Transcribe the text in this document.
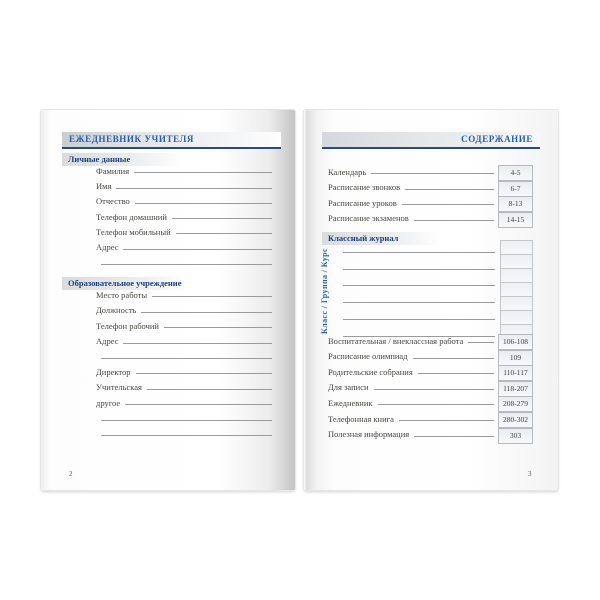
ЕЖЕДНЕВНИК УЧИТЕЛЯ
Личные данные
Фамилия
Имя
Отчество
Телефон домашний
Телефон мобильный
Адрес
Образовательное учреждение
Место работы
Должность
Телефон рабочий
Адрес
Директор
Учительская
другое
2
СОДЕРЖАНИЕ
Календарь	4-5
Расписание звонков	6-7
Расписание уроков	8-13
Расписание экзаменов	14-15
Классный журнал
Класс / Группа / Курс
Воспитательная / внеклассная работа	106-108
Расписание олимпиад	109
Родительские собрания	110-117
Для записи	118-207
Ежедневник	208-279
Телефонная книга	280-302
Полезная информация	303
3
